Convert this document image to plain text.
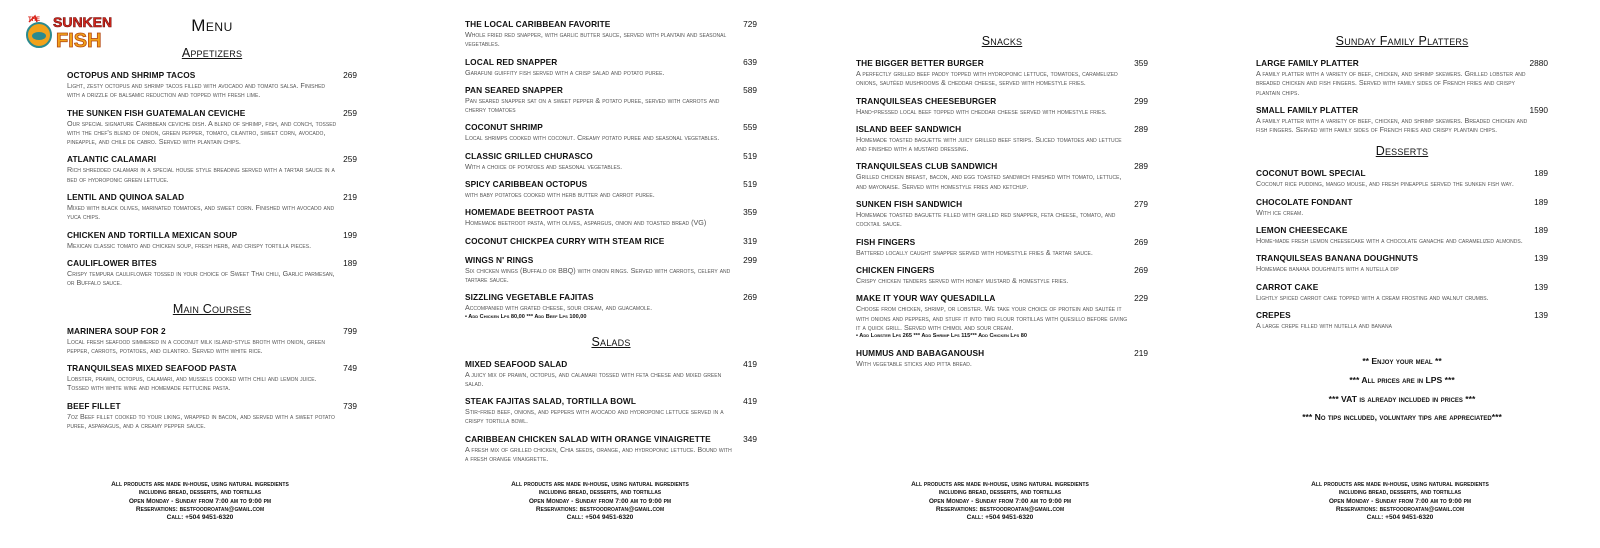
THE SUNKEN
FISH
Menu
Appetizers
OCTOPUS AND SHRIMP TACOS	269
Light, zesty octopus and shrimp tacos filled with avocado and tomato salsa. Finished with a drizzle of balsamic reduction and topped with fresh lime.
THE SUNKEN FISH GUATEMALAN CEVICHE	259
Our special signature Caribbean ceviche dish. A blend of shrimp, fish, and conch, tossed with the chef's blend of onion, green pepper, tomato, cilantro, sweet corn, avocado, pineapple, and chile de cabro. Served with plantain chips.
ATLANTIC CALAMARI	259
Rich shredded calamari in a special house style breading served with a tartar sauce in a bed of hydroponic green lettuce.
LENTIL AND QUINOA SALAD	219
Mixed with black olives, marinated tomatoes, and sweet corn. Finished with avocado and yuca chips.
CHICKEN AND TORTILLA MEXICAN SOUP	199
Mexican classic tomato and chicken soup, fresh herb, and crispy tortilla pieces.
CAULIFLOWER BITES	189
Crispy tempura cauliflower tossed in your choice of Sweet Thai chili, Garlic parmesan, or Buffalo sauce.
Main Courses
MARINERA SOUP FOR 2	799
Local fresh seafood simmered in a coconut milk island-style broth with onion, green pepper, carrots, potatoes, and cilantro. Served with white rice.
TRANQUILSEAS MIXED SEAFOOD PASTA	749
Lobster, prawn, octopus, calamari, and mussels cooked with chili and lemon juice. Tossed with white wine and homemade fettucine pasta.
BEEF FILLET	739
7oz Beef fillet cooked to your liking, wrapped in bacon, and served with a sweet potato puree, asparagus, and a creamy pepper sauce.
All products are made in-house, using natural ingredients
including bread, desserts, and tortillas
Open Monday - Sunday from 7:00 am to 9:00 pm
Reservations: bestfoodroatan@gmail.com
Call: +504 9451-6320
THE LOCAL CARIBBEAN FAVORITE	729
Whole fried red snapper, with garlic butter sauce, served with plantain and seasonal vegetables.
LOCAL RED SNAPPER	639
Garafuni guiffity fish served with a crisp salad and potato puree.
PAN SEARED SNAPPER	589
Pan seared snapper sat on a sweet pepper & potato puree, served with carrots and cherry tomatoes
COCONUT SHRIMP	559
Local shrimps cooked with coconut. Creamy potato puree and seasonal vegetables.
CLASSIC GRILLED CHURASCO	519
With a choice of potatoes and seasonal vegetables.
SPICY CARIBBEAN OCTOPUS	519
with baby potatoes cooked with herb butter and carrot puree.
HOMEMADE BEETROOT PASTA	359
Homemade beetroot pasta, with olives, aspargus, onion and toasted bread (VG)
COCONUT CHICKPEA CURRY WITH STEAM RICE	319
WINGS N' RINGS	299
Six chicken wings (Buffalo or BBQ) with onion rings. Served with carrots, celery and tartare sauce.
SIZZLING VEGETABLE FAJITAS	269
Accompanied with grated cheese, sour cream, and guacamole.
• Add Chicken Lps 80,00 *** Add Beef Lps 100,00
Salads
MIXED SEAFOOD SALAD	419
A juicy mix of prawn, octopus, and calamari tossed with feta cheese and mixed green salad.
STEAK FAJITAS SALAD, TORTILLA BOWL	419
Stir-fried beef, onions, and peppers with avocado and hydroponic lettuce served in a crispy tortilla bowl.
CARIBBEAN CHICKEN SALAD WITH ORANGE VINAIGRETTE	349
A fresh mix of grilled chicken, Chia seeds, orange, and hydroponic lettuce. Bound with a fresh orange vinaigrette.
All products are made in-house, using natural ingredients
including bread, desserts, and tortillas
Open Monday - Sunday from 7:00 am to 9:00 pm
Reservations: bestfoodroatan@gmail.com
Call: +504 9451-6320
Snacks
THE BIGGER BETTER BURGER	359
A perfectly grilled beef paddy topped with hydroponic lettuce, tomatoes, caramelized onions, sautéed mushrooms & cheddar cheese, served with homestyle fries.
TRANQUILSEAS CHEESEBURGER	299
Hand-pressed local beef topped with cheddar cheese served with homestyle fries.
ISLAND BEEF SANDWICH	289
Homemade toasted baguette with juicy grilled beef strips. Sliced tomatoes and lettuce and finished with a mustard dressing.
TRANQUILSEAS CLUB SANDWICH	289
Grilled chicken breast, bacon, and egg toasted sandwich finished with tomato, lettuce, and mayonaise. Served with homestyle fries and ketchup.
SUNKEN FISH SANDWICH	279
Homemade toasted baguette filled with grilled red snapper, feta cheese, tomato, and cocktail sauce.
FISH FINGERS	269
Battered locally caught snapper served with homestyle fries & tartar sauce.
CHICKEN FINGERS	269
Crispy chicken tenders served with honey mustard & homestyle fries.
MAKE IT YOUR WAY QUESADILLA	229
Choose from chicken, shrimp, or lobster. We take your choice of protein and sautée it with onions and peppers, and stuff it into two flour tortillas with quesillo before giving it a quick grill. Served with chimol and sour cream.
• Add Lobster Lps 265 *** Add Shrimp Lps 115*** Add Chicken Lps 80
HUMMUS AND BABAGANOUSH	219
With vegetable sticks and pitta bread.
All products are made in-house, using natural ingredients
including bread, desserts, and tortillas
Open Monday - Sunday from 7:00 am to 9:00 pm
Reservations: bestfoodroatan@gmail.com
Call: +504 9451-6320
Sunday Family Platters
LARGE FAMILY PLATTER	2880
A family platter with a variety of beef, chicken, and shrimp skewers. Grilled lobster and breaded chicken and fish fingers. Served with family sides of French fries and crispy plantain chips.
SMALL FAMILY PLATTER	1590
A family platter with a variety of beef, chicken, and shrimp skewers. Breaded chicken and fish fingers. Served with family sides of French fries and crispy plantain chips.
Desserts
COCONUT BOWL SPECIAL	189
Coconut rice pudding, mango mouse, and fresh pineapple served the sunken fish way.
CHOCOLATE FONDANT	189
With ice cream.
LEMON CHEESECAKE	189
Home-made fresh lemon cheesecake with a chocolate ganache and caramelized almonds.
TRANQUILSEAS BANANA DOUGHNUTS	139
Homemade banana doughnuts with a nutella dip
CARROT CAKE	139
Lightly spiced carrot cake topped with a cream frosting and walnut crumbs.
CREPES	139
A large crepe filled with nutella and banana
** Enjoy your meal **
*** All prices are in LPS ***
*** VAT is already included in prices ***
*** No tips included, voluntary tips are appreciated***
All products are made in-house, using natural ingredients
including bread, desserts, and tortillas
Open Monday - Sunday from 7:00 am to 9:00 pm
Reservations: bestfoodroatan@gmail.com
Call: +504 9451-6320
